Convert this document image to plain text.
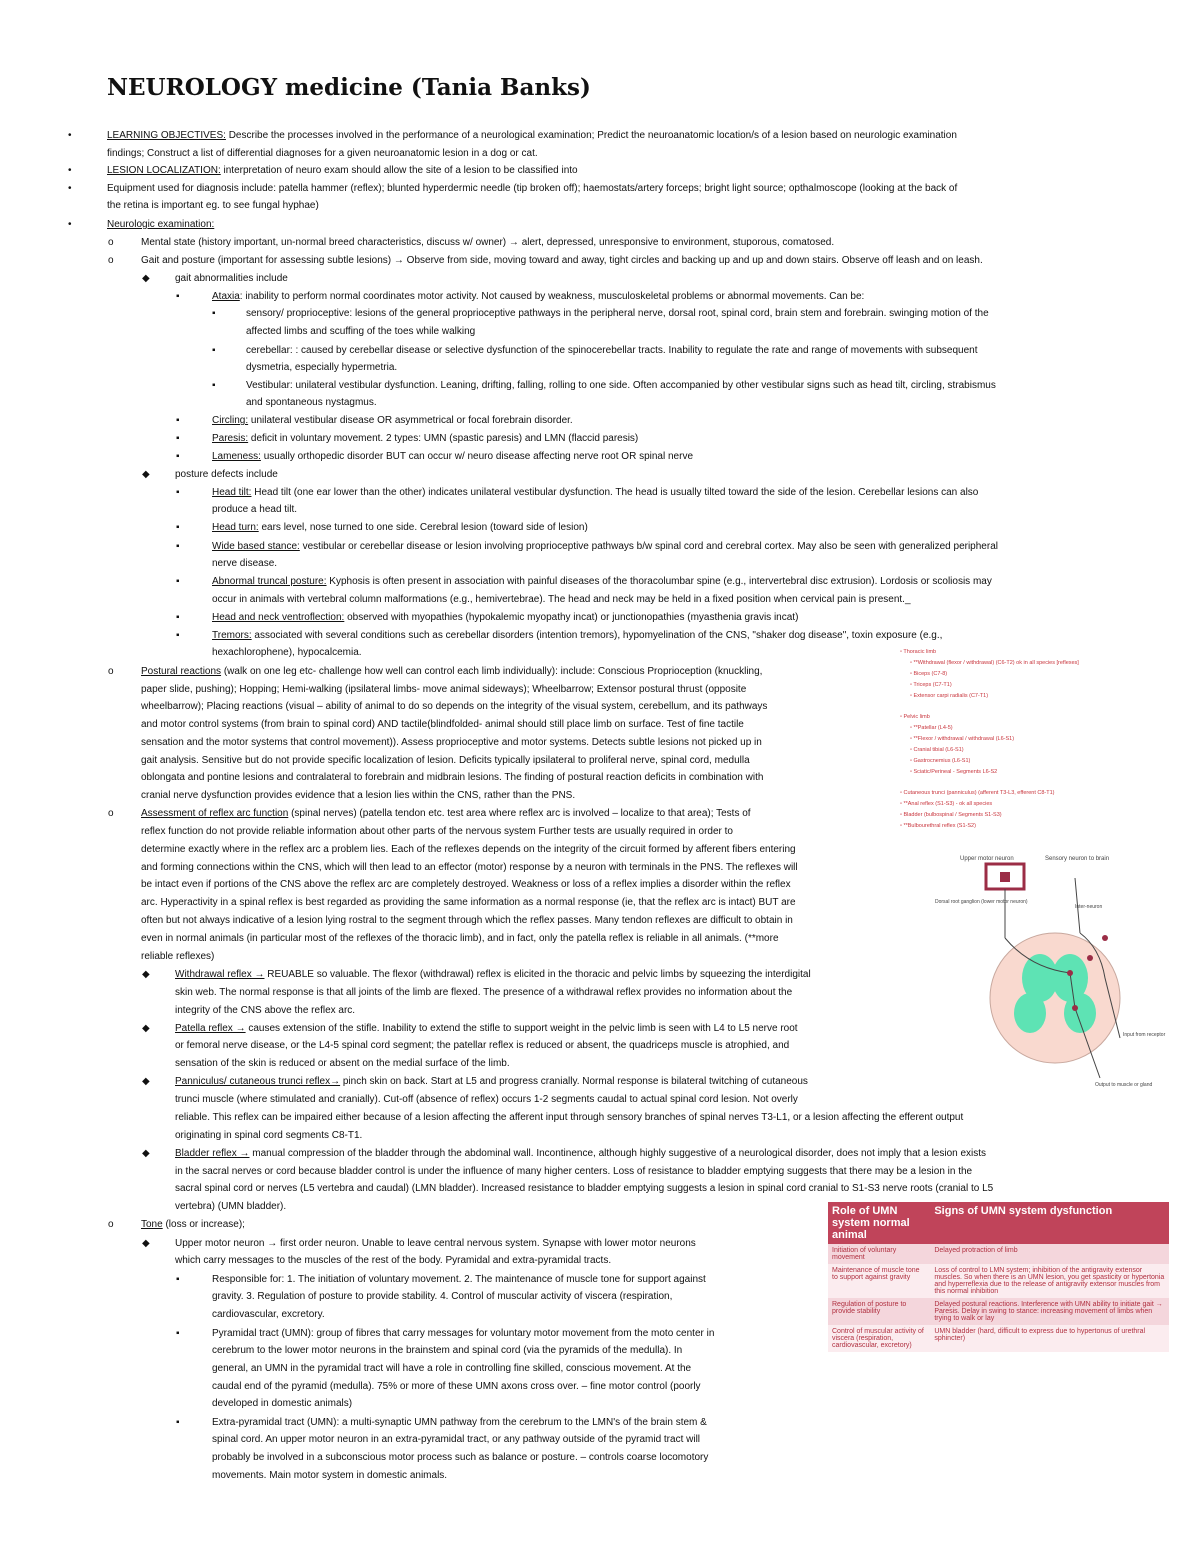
NEUROLOGY medicine (Tania Banks)
•	LEARNING OBJECTIVES: Describe the processes involved in the performance of a neurological examination; Predict the neuroanatomic location/s of a lesion based on neurologic examination
findings; Construct a list of differential diagnoses for a given neuroanatomic lesion in a dog or cat.
•	LESION LOCALIZATION: interpretation of neuro exam should allow the site of a lesion to be classified into
•	Equipment used for diagnosis include: patella hammer (reflex); blunted hyperdermic needle (tip broken off); haemostats/artery forceps; bright light source; opthalmoscope (looking at the back of
the retina is important eg. to see fungal hyphae)
•	Neurologic examination:
o	Mental state (history important, un-normal breed characteristics, discuss w/ owner) → alert, depressed, unresponsive to environment, stuporous, comatosed.
o	Gait and posture (important for assessing subtle lesions) → Observe from side, moving toward and away, tight circles and backing up and up and down stairs. Observe off leash and on leash.
◆	gait abnormalities include
▪	Ataxia: inability to perform normal coordinates motor activity. Not caused by weakness, musculoskeletal problems or abnormal movements. Can be:
▪	sensory/ proprioceptive: lesions of the general proprioceptive pathways in the peripheral nerve, dorsal root, spinal cord, brain stem and forebrain. swinging motion of the
affected limbs and scuffing of the toes while walking
▪	cerebellar: : caused by cerebellar disease or selective dysfunction of the spinocerebellar tracts. Inability to regulate the rate and range of movements with subsequent
dysmetria, especially hypermetria.
▪	Vestibular: unilateral vestibular dysfunction. Leaning, drifting, falling, rolling to one side. Often accompanied by other vestibular signs such as head tilt, circling, strabismus
and spontaneous nystagmus.
▪	Circling: unilateral vestibular disease OR asymmetrical or focal forebrain disorder.
▪	Paresis: deficit in voluntary movement. 2 types: UMN (spastic paresis) and LMN (flaccid paresis)
▪	Lameness: usually orthopedic disorder BUT can occur w/ neuro disease affecting nerve root OR spinal nerve
◆	posture defects include
▪	Head tilt: Head tilt (one ear lower than the other) indicates unilateral vestibular dysfunction. The head is usually tilted toward the side of the lesion. Cerebellar lesions can also
produce a head tilt.
▪	Head turn: ears level, nose turned to one side. Cerebral lesion (toward side of lesion)
▪	Wide based stance: vestibular or cerebellar disease or lesion involving proprioceptive pathways b/w spinal cord and cerebral cortex. May also be seen with generalized peripheral
nerve disease.
▪	Abnormal truncal posture: Kyphosis is often present in association with painful diseases of the thoracolumbar spine (e.g., intervertebral disc extrusion). Lordosis or scoliosis may
occur in animals with vertebral column malformations (e.g., hemivertebrae). The head and neck may be held in a fixed position when cervical pain is present._
▪	Head and neck ventroflection: observed with myopathies (hypokalemic myopathy incat) or junctionopathies (myasthenia gravis incat)
▪	Tremors: associated with several conditions such as cerebellar disorders (intention tremors), hypomyelination of the CNS, "shaker dog disease", toxin exposure (e.g.,
hexachlorophene), hypocalcemia.
o	Postural reactions (walk on one leg etc- challenge how well can control each limb individually): include: Conscious Proprioception (knuckling,
paper slide, pushing); Hopping; Hemi-walking (ipsilateral limbs- move animal sideways); Wheelbarrow; Extensor postural thrust (opposite
wheelbarrow); Placing reactions (visual – ability of animal to do so depends on the integrity of the visual system, cerebellum, and its pathways
and motor control systems (from brain to spinal cord) AND tactile(blindfolded- animal should still place limb on surface. Test of fine tactile
sensation and the motor systems that control movement)). Assess proprioceptive and motor systems. Detects subtle lesions not picked up in
gait analysis. Sensitive but do not provide specific localization of lesion. Deficits typically ipsilateral to proliferal nerve, spinal cord, medulla
oblongata and pontine lesions and contralateral to forebrain and midbrain lesions. The finding of postural reaction deficits in combination with
cranial nerve dysfunction provides evidence that a lesion lies within the CNS, rather than the PNS.
o	Assessment of reflex arc function (spinal nerves) (patella tendon etc. test area where reflex arc is involved – localize to that area); Tests of
reflex function do not provide reliable information about other parts of the nervous system Further tests are usually required in order to
determine exactly where in the reflex arc a problem lies. Each of the reflexes depends on the integrity of the circuit formed by afferent fibers entering
and forming connections within the CNS, which will then lead to an effector (motor) response by a neuron with terminals in the PNS. The reflexes will
be intact even if portions of the CNS above the reflex arc are completely destroyed. Weakness or loss of a reflex implies a disorder within the reflex
arc. Hyperactivity in a spinal reflex is best regarded as providing the same information as a normal response (ie, that the reflex arc is intact) BUT are
often but not always indicative of a lesion lying rostral to the segment through which the reflex passes. Many tendon reflexes are difficult to obtain in
even in normal animals (in particular most of the reflexes of the thoracic limb), and in fact, only the patella reflex is reliable in all animals. (**more
reliable reflexes)
◆	Withdrawal reflex → REUABLE so valuable. The flexor (withdrawal) reflex is elicited in the thoracic and pelvic limbs by squeezing the interdigital
skin web. The normal response is that all joints of the limb are flexed. The presence of a withdrawal reflex provides no information about the
integrity of the CNS above the reflex arc.
◆	Patella reflex → causes extension of the stifle. Inability to extend the stifle to support weight in the pelvic limb is seen with L4 to L5 nerve root
or femoral nerve disease, or the L4-5 spinal cord segment; the patellar reflex is reduced or absent, the quadriceps muscle is atrophied, and
sensation of the skin is reduced or absent on the medial surface of the limb.
◆	Panniculus/ cutaneous trunci reflex→ pinch skin on back. Start at L5 and progress cranially. Normal response is bilateral twitching of cutaneous
trunci muscle (where stimulated and cranially). Cut-off (absence of reflex) occurs 1-2 segments caudal to actual spinal cord lesion. Not overly
reliable. This reflex can be impaired either because of a lesion affecting the afferent input through sensory branches of spinal nerves T3-L1, or a lesion affecting the efferent output
originating in spinal cord segments C8-T1.
◆	Bladder reflex → manual compression of the bladder through the abdominal wall. Incontinence, although highly suggestive of a neurological disorder, does not imply that a lesion exists
in the sacral nerves or cord because bladder control is under the influence of many higher centers. Loss of resistance to bladder emptying suggests that there may be a lesion in the
sacral spinal cord or nerves (L5 vertebra and caudal) (LMN bladder). Increased resistance to bladder emptying suggests a lesion in spinal cord cranial to S1-S3 nerve roots (cranial to L5
vertebra) (UMN bladder).
o	Tone (loss or increase);
◆	Upper motor neuron → first order neuron. Unable to leave central nervous system. Synapse with lower motor neurons
which carry messages to the muscles of the rest of the body. Pyramidal and extra-pyramidal tracts.
▪	Responsible for: 1. The initiation of voluntary movement. 2. The maintenance of muscle tone for support against
gravity. 3. Regulation of posture to provide stability. 4. Control of muscular activity of viscera (respiration,
cardiovascular, excretory.
▪	Pyramidal tract (UMN): group of fibres that carry messages for voluntary motor movement from the moto center in
cerebrum to the lower motor neurons in the brainstem and spinal cord (via the pyramids of the medulla). In
general, an UMN in the pyramidal tract will have a role in controlling fine skilled, conscious movement. At the
caudal end of the pyramid (medulla). 75% or more of these UMN axons cross over. – fine motor control (poorly
developed in domestic animals)
▪	Extra-pyramidal tract (UMN): a multi-synaptic UMN pathway from the cerebrum to the LMN's of the brain stem &
spinal cord. An upper motor neuron in an extra-pyramidal tract, or any pathway outside of the pyramid tract will
probably be involved in a subconscious motor process such as balance or posture. – controls coarse locomotory
movements. Main motor system in domestic animals.
▫ Thoracic limb
▫ **Withdrawal (flexor / withdrawal) (C6-T2) ok in all species [reflexes]
▫ Biceps (C7-8)
▫ Triceps (C7-T1)
▫ Extensor carpi radialis (C7-T1)
▫ Pelvic limb
▫ **Patellar (L4-5)
▫ **Flexor / withdrawal / withdrawal (L6-S1)
▫ Cranial tibial (L6-S1)
▫ Gastrocnemius (L6-S1)
▫ Sciatic/Perineal - Segments L6-S2
▫ Cutaneous trunci (panniculus) (afferent T3-L3, efferent C8-T1)
▫ **Anal reflex (S1-S3) - ok all species
▫ Bladder (bulbospinal / Segments S1-S3)
▫ **Bulbourethral reflex (S1-S2)
Upper motor neuron	Sensory neuron to brain
Dorsal root ganglion (lower motor neuron)
Inter-neuron
Input from receptor
Output to muscle or gland
Role of UMN system normal animal	Signs of UMN system dysfunction
Initiation of voluntary movement	Delayed protraction of limb
Maintenance of muscle tone to support against gravity	Loss of control to LMN system; inhibition of the antigravity extensor muscles. So when there is an UMN lesion, you get spasticity or hypertonia and hyperreflexia due to the release of antigravity extensor muscles from this normal inhibition
Regulation of posture to provide stability	Delayed postural reactions. Interference with UMN ability to initiate gait → Paresis. Delay in swing to stance: increasing movement of limbs when trying to walk or lay
Control of muscular activity of viscera (respiration, cardiovascular, excretory)	UMN bladder (hard, difficult to express due to hypertonus of urethral sphincter)
